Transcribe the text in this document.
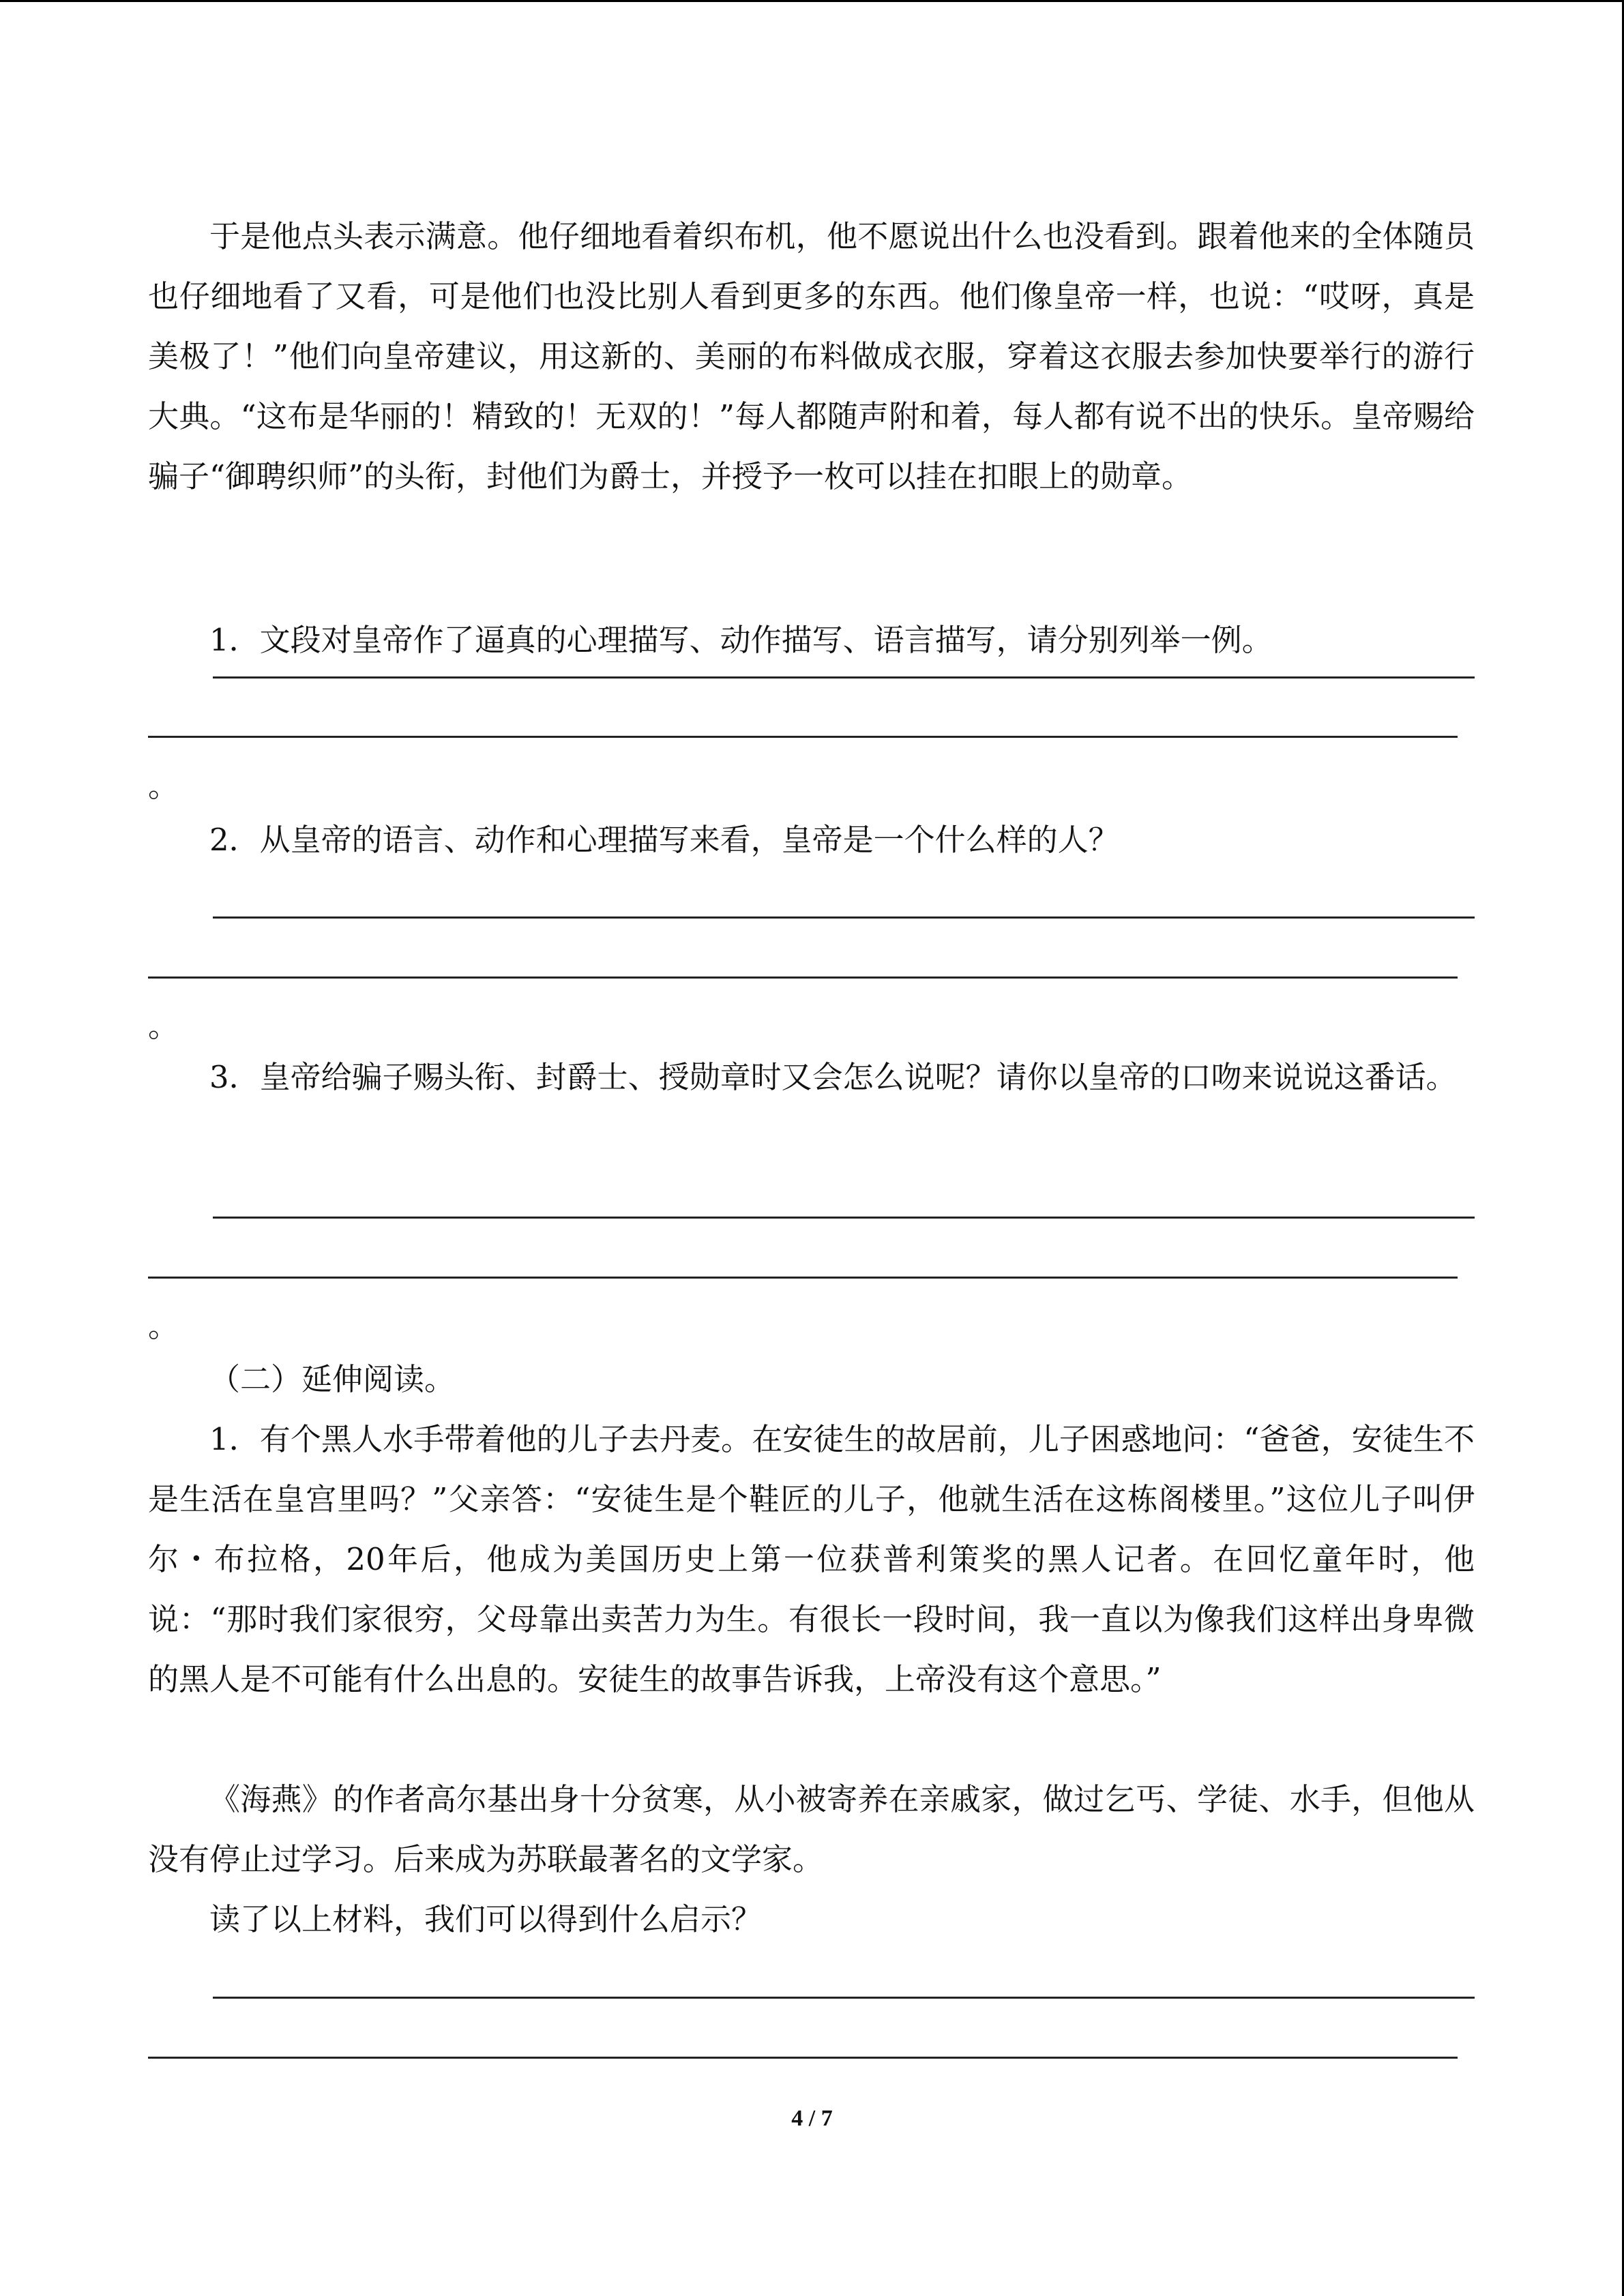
于是他点头表示满意。他仔细地看着织布机，他不愿说出什么也没看到。跟着他来的全体随员也仔细地看了又看，可是他们也没比别人看到更多的东西。他们像皇帝一样，也说：“哎呀，真是美极了！”他们向皇帝建议，用这新的、美丽的布料做成衣服，穿着这衣服去参加快要举行的游行大典。“这布是华丽的！精致的！无双的！”每人都随声附和着，每人都有说不出的快乐。皇帝赐给骗子“御聘织师”的头衔，封他们为爵士，并授予一枚可以挂在扣眼上的勋章。

1．文段对皇帝作了逼真的心理描写、动作描写、语言描写，请分别列举一例。

。

2．从皇帝的语言、动作和心理描写来看，皇帝是一个什么样的人？

。

3．皇帝给骗子赐头衔、封爵士、授勋章时又会怎么说呢？请你以皇帝的口吻来说说这番话。

。

（二）延伸阅读。

1．有个黑人水手带着他的儿子去丹麦。在安徒生的故居前，儿子困惑地问：“爸爸，安徒生不是生活在皇宫里吗？”父亲答：“安徒生是个鞋匠的儿子，他就生活在这栋阁楼里。”这位儿子叫伊尔・布拉格，20年后，他成为美国历史上第一位获普利策奖的黑人记者。在回忆童年时，他说：“那时我们家很穷，父母靠出卖苦力为生。有很长一段时间，我一直以为像我们这样出身卑微的黑人是不可能有什么出息的。安徒生的故事告诉我，上帝没有这个意思。”

《海燕》的作者高尔基出身十分贫寒，从小被寄养在亲戚家，做过乞丐、学徒、水手，但他从没有停止过学习。后来成为苏联最著名的文学家。

读了以上材料，我们可以得到什么启示？

4 / 7
